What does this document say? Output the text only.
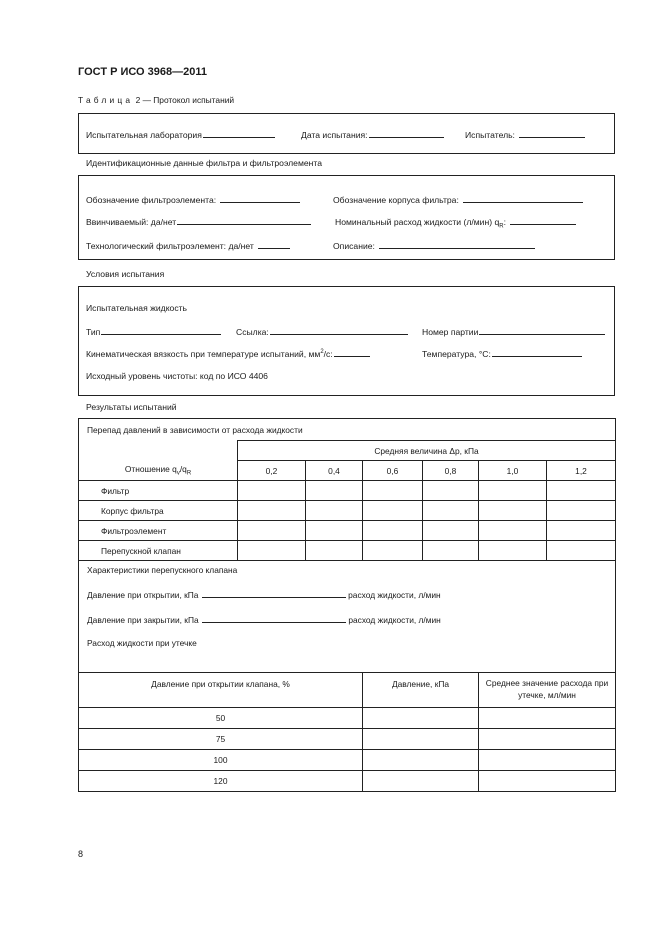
ГОСТ Р ИСО 3968—2011
Таблица 2 — Протокол испытаний
Испытательная лаборатория	Дата испытания:	Испытатель:
Идентификационные данные фильтра и фильтроэлемента
Обозначение фильтроэлемента:	Обозначение корпуса фильтра:
Ввинчиваемый: да/нет	Номинальный расход жидкости (л/мин) $q_R$:
Технологический фильтроэлемент: да/нет	Описание:
Условия испытания
Испытательная жидкость
Тип	Ссылка:	Номер партии
Кинематическая вязкость при температуре испытаний, $мм^2/с$:	Температура, °С:
Исходный уровень чистоты: код по ИСО 4406
Результаты испытаний
Перепад давлений в зависимости от расхода жидкости						
	Средняя величина Δp, кПа					
Отношение $q_v/q_R$	0,2	0,4	0,6	0,8	1,0	1,2
Фильтр						
Корпус фильтра						
Фильтроэлемент						
Перепускной клапан						

Характеристики перепускного клапана
Давление при открытии, кПа расход жидкости, л/мин
Давление при закрытии, кПа расход жидкости, л/мин
Расход жидкости при утечке						

Давление при открытии клапана, %			Давление, кПа		Среднее значение расхода при утечке, мл/мин	
50						
75						
100						
120						
8
